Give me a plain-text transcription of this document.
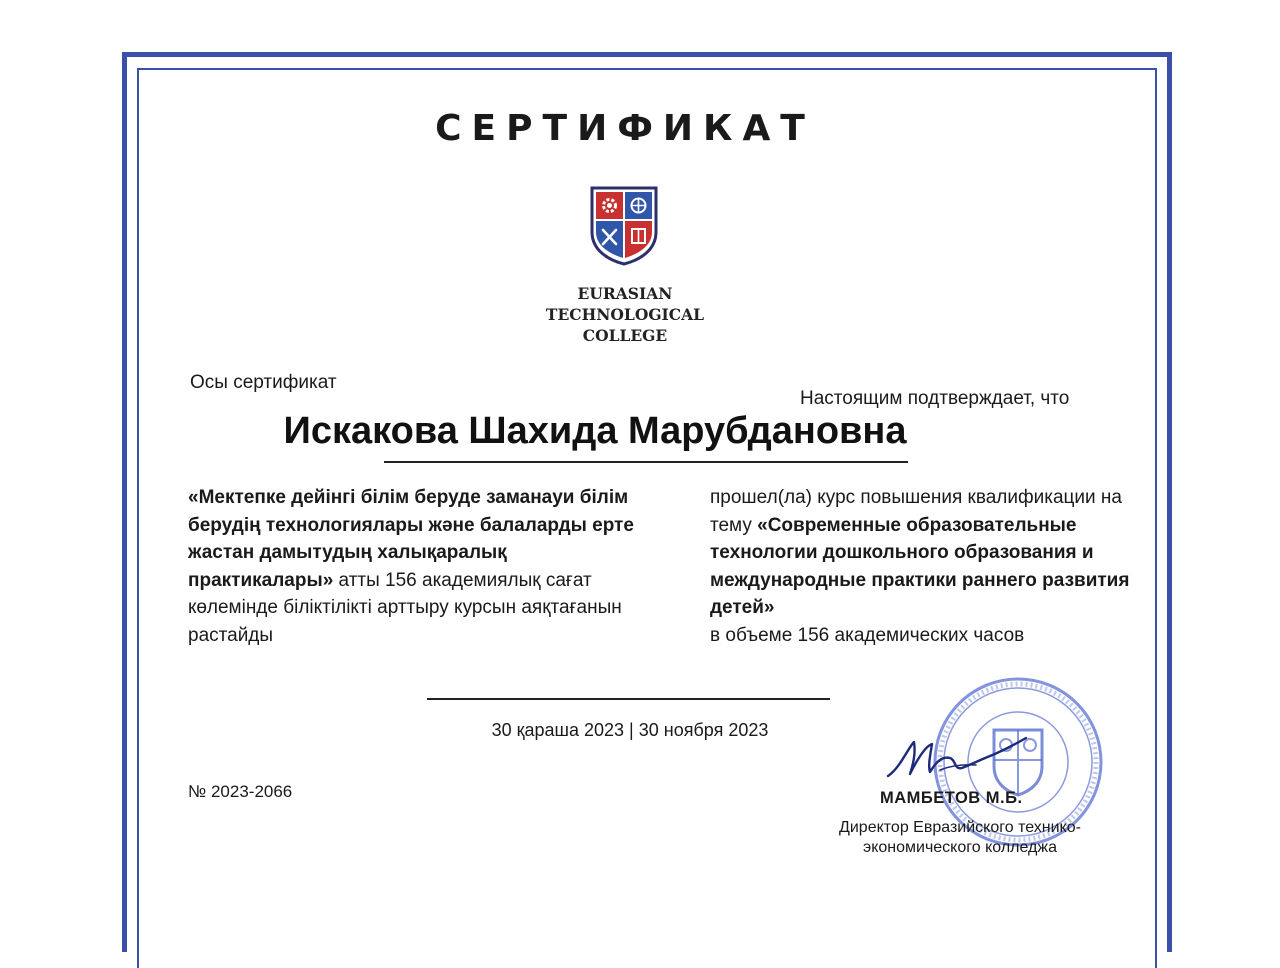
СЕРТИФИКАТ
EURASIAN
TECHNOLOGICAL
COLLEGE
Осы сертификат
Настоящим подтверждает, что
Искакова Шахида Марубдановна
«Мектепке дейінгі білім беруде заманауи білім берудің технологиялары және балаларды ерте жастан дамытудың халықаралық практикалары» атты 156 академиялық сағат көлемінде біліктілікті арттыру курсын аяқтағанын растайды
прошел(ла) курс повышения квалификации на тему «Современные образовательные технологии дошкольного образования и международные практики раннего развития детей»
в объеме 156 академических часов
30 қараша 2023 | 30 ноября 2023
№ 2023-2066	МАМБЕТОВ М.Б.
Директор Евразийского технико-
экономического колледжа
